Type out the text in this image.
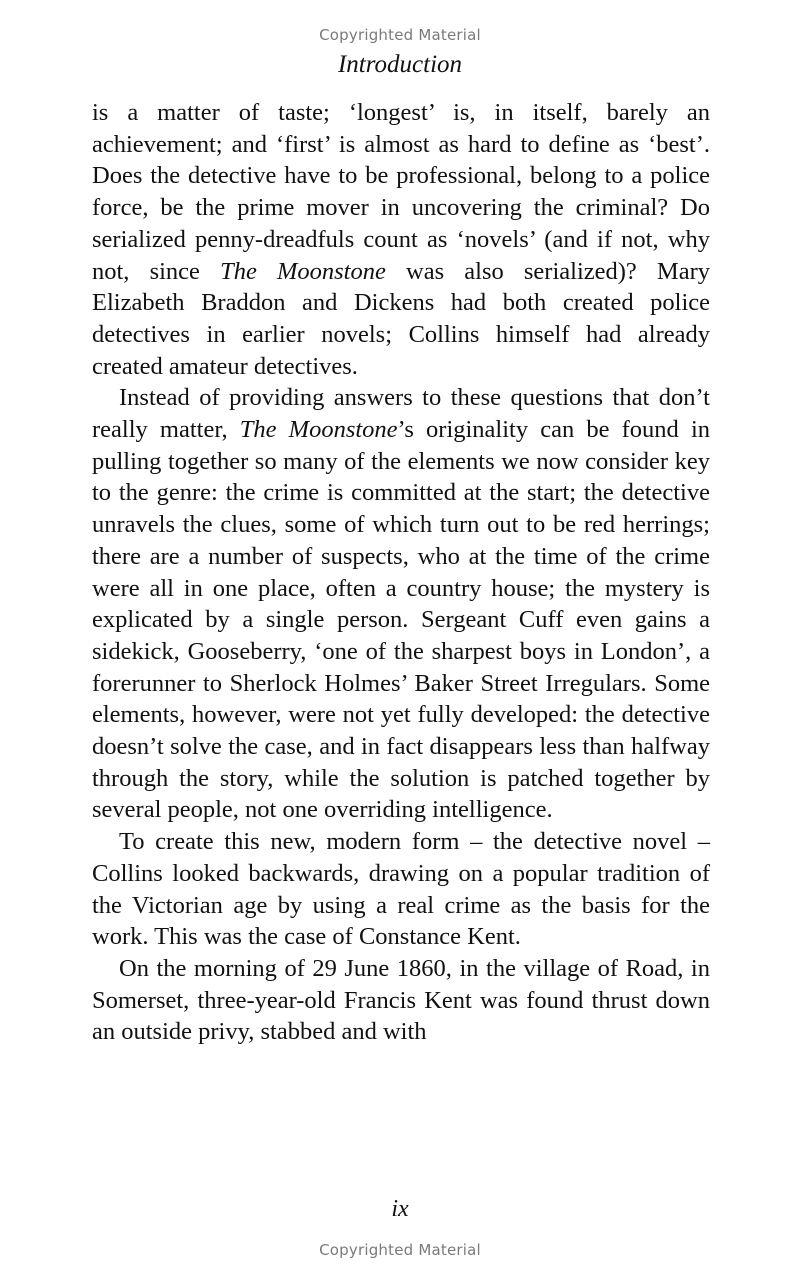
Copyrighted Material
Introduction

is a matter of taste; ‘longest’ is, in itself, barely an achievement; and ‘first’ is almost as hard to define as ‘best’. Does the detective have to be professional, belong to a police force, be the prime mover in uncovering the criminal? Do serialized penny-dreadfuls count as ‘novels’ (and if not, why not, since The Moonstone was also serialized)? Mary Elizabeth Braddon and Dickens had both created police detectives in earlier novels; Collins himself had already created amateur detectives.

Instead of providing answers to these questions that don’t really matter, The Moonstone’s originality can be found in pulling together so many of the elements we now consider key to the genre: the crime is committed at the start; the detective unravels the clues, some of which turn out to be red herrings; there are a number of suspects, who at the time of the crime were all in one place, often a country house; the mystery is explicated by a single person. Sergeant Cuff even gains a sidekick, Gooseberry, ‘one of the sharpest boys in London’, a forerunner to Sherlock Holmes’ Baker Street Irregulars. Some elements, however, were not yet fully developed: the detective doesn’t solve the case, and in fact disappears less than halfway through the story, while the solution is patched together by several people, not one overriding intelligence.

To create this new, modern form – the detective novel – Collins looked backwards, drawing on a popular tradition of the Victorian age by using a real crime as the basis for the work. This was the case of Constance Kent.

On the morning of 29 June 1860, in the village of Road, in Somerset, three-year-old Francis Kent was found thrust down an outside privy, stabbed and with

ix
Copyrighted Material
